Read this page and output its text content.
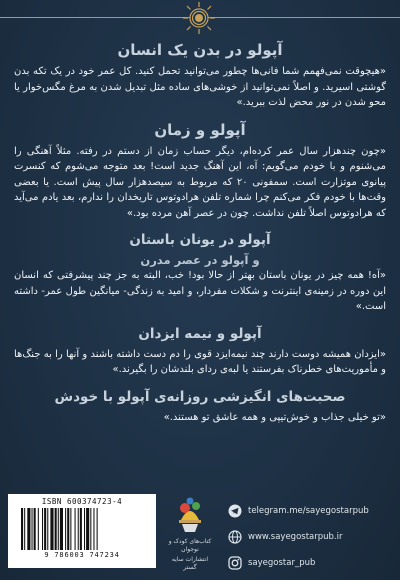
آپولو در بدن یک انسان

«هیچوقت نمی‌فهمم شما فانی‌ها چطور می‌توانید تحمل کنید. کل عمر خود در یک تکه بدن گوشتی اسیرید. و اصلاً نمی‌توانید از خوشی‌های ساده مثل تبدیل شدن به مرغ مگس‌خوار یا محو شدن در نور محض لذت ببرید.»

آپولو و زمان

«چون چندهزار سال عمر کرده‌ام، دیگر حساب زمان از دستم در رفته. مثلاً آهنگی را می‌شنوم و با خودم می‌گویم: آه، این آهنگ جدید است! بعد متوجه می‌شوم که کنسرت پیانوی موتزارت است. سمفونی ۲۰ که مربوط به سیصدهزار سال پیش است. یا بعضی وقت‌ها با خودم فکر می‌کنم چرا شماره تلفن هرادوتوس تاریخدان را ندارم، بعد یادم می‌آید که هرادوتوس اصلاً تلفن نداشت. چون در عصر آهن مرده بود.»

آپولو در یونان باستان
و آپولو در عصر مدرن

«آه! همه چیز در یونان باستان بهتر از حالا بود! خب، البته به جز چند پیشرفتی که انسان این دوره در زمینه‌ی اینترنت و شکلات مفردار، و امید به زندگی- میانگین طول عمر- داشته است.»

آپولو و نیمه ایزدان

«ایزدان همیشه دوست دارند چند نیمه‌ایزد قوی را دم دست داشته باشند و آنها را به جنگ‌ها و مأموریت‌های خطرناک بفرستند یا لبه‌ی ردای بلندشان را بگیرند.»

صحبت‌های انگیزشی روزانه‌ی آپولو با خودش

«تو خیلی جذاب و خوش‌تیپی و همه عاشق تو هستند.»

ISBN 600374723-4
9 786003 747234
کتاب‌های کودک و نوجوان
انتشارات سایه گستر
telegram.me/sayegostarpub
www.sayegostarpub.ir
sayegostar_pub
